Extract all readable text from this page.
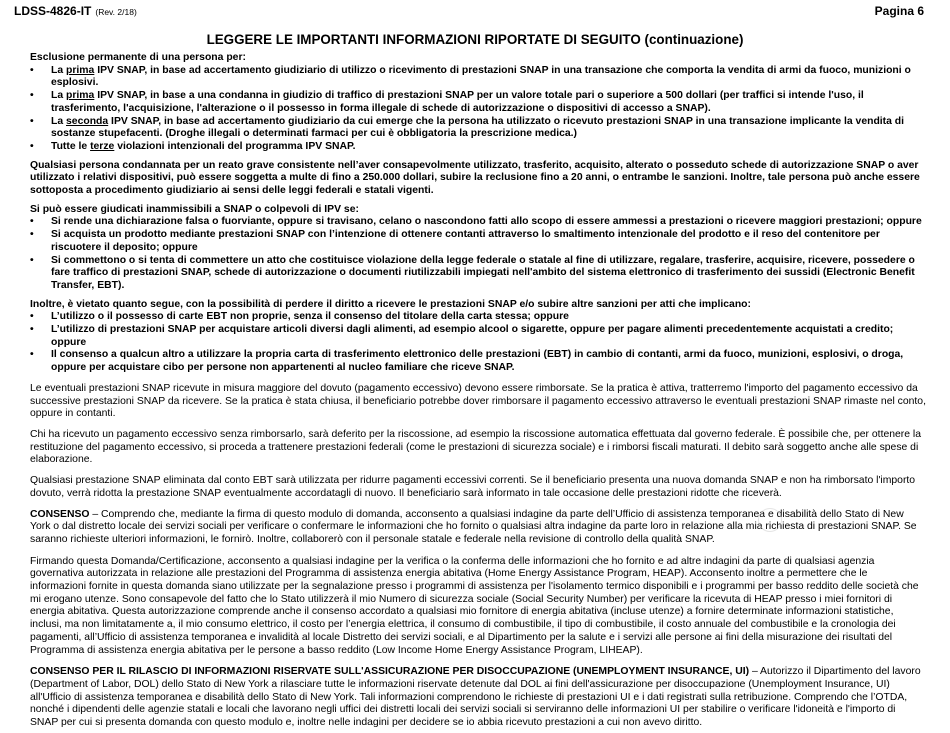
LDSS-4826-IT (Rev. 2/18)	Pagina 6
LEGGERE LE IMPORTANTI INFORMAZIONI RIPORTATE DI SEGUITO (continuazione)

Esclusione permanente di una persona per:

• La prima IPV SNAP, in base ad accertamento giudiziario di utilizzo o ricevimento di prestazioni SNAP in una transazione che comporta la vendita di armi da fuoco, munizioni o esplosivi.
• La prima IPV SNAP, in base a una condanna in giudizio di traffico di prestazioni SNAP per un valore totale pari o superiore a 500 dollari (per traffici si intende l'uso, il trasferimento, l'acquisizione, l'alterazione o il possesso in forma illegale di schede di autorizzazione o dispositivi di accesso a SNAP).
• La seconda IPV SNAP, in base ad accertamento giudiziario da cui emerge che la persona ha utilizzato o ricevuto prestazioni SNAP in una transazione implicante la vendita di sostanze stupefacenti. (Droghe illegali o determinati farmaci per cui è obbligatoria la prescrizione medica.)
• Tutte le terze violazioni intenzionali del programma IPV SNAP.

Qualsiasi persona condannata per un reato grave consistente nell’aver consapevolmente utilizzato, trasferito, acquisito, alterato o posseduto schede di autorizzazione SNAP o aver utilizzato i relativi dispositivi, può essere soggetta a multe di fino a 250.000 dollari, subire la reclusione fino a 20 anni, o entrambe le sanzioni. Inoltre, tale persona può anche essere sottoposta a procedimento giudiziario ai sensi delle leggi federali e statali vigenti.

Si può essere giudicati inammissibili a SNAP o colpevoli di IPV se:

• Si rende una dichiarazione falsa o fuorviante, oppure si travisano, celano o nascondono fatti allo scopo di essere ammessi a prestazioni o ricevere maggiori prestazioni; oppure
• Si acquista un prodotto mediante prestazioni SNAP con l’intenzione di ottenere contanti attraverso lo smaltimento intenzionale del prodotto e il reso del contenitore per riscuotere il deposito; oppure
• Si commettono o si tenta di commettere un atto che costituisce violazione della legge federale o statale al fine di utilizzare, regalare, trasferire, acquisire, ricevere, possedere o fare traffico di prestazioni SNAP, schede di autorizzazione o documenti riutilizzabili impiegati nell'ambito del sistema elettronico di trasferimento dei sussidi (Electronic Benefit Transfer, EBT).

Inoltre, è vietato quanto segue, con la possibilità di perdere il diritto a ricevere le prestazioni SNAP e/o subire altre sanzioni per atti che implicano:

• L’utilizzo o il possesso di carte EBT non proprie, senza il consenso del titolare della carta stessa; oppure
• L’utilizzo di prestazioni SNAP per acquistare articoli diversi dagli alimenti, ad esempio alcool o sigarette, oppure per pagare alimenti precedentemente acquistati a credito; oppure
• Il consenso a qualcun altro a utilizzare la propria carta di trasferimento elettronico delle prestazioni (EBT) in cambio di contanti, armi da fuoco, munizioni, esplosivi, o droga, oppure per acquistare cibo per persone non appartenenti al nucleo familiare che riceve SNAP.

Le eventuali prestazioni SNAP ricevute in misura maggiore del dovuto (pagamento eccessivo) devono essere rimborsate. Se la pratica è attiva, tratterremo l'importo del pagamento eccessivo da successive prestazioni SNAP da ricevere. Se la pratica è stata chiusa, il beneficiario potrebbe dover rimborsare il pagamento eccessivo attraverso le eventuali prestazioni SNAP rimaste nel conto, oppure in contanti.

Chi ha ricevuto un pagamento eccessivo senza rimborsarlo, sarà deferito per la riscossione, ad esempio la riscossione automatica effettuata dal governo federale. È possibile che, per ottenere la restituzione del pagamento eccessivo, si proceda a trattenere prestazioni federali (come le prestazioni di sicurezza sociale) e i rimborsi fiscali maturati. Il debito sarà soggetto anche alle spese di elaborazione.

Qualsiasi prestazione SNAP eliminata dal conto EBT sarà utilizzata per ridurre pagamenti eccessivi correnti. Se il beneficiario presenta una nuova domanda SNAP e non ha rimborsato l'importo dovuto, verrà ridotta la prestazione SNAP eventualmente accordatagli di nuovo. Il beneficiario sarà informato in tale occasione delle prestazioni ridotte che riceverà.

CONSENSO – Comprendo che, mediante la firma di questo modulo di domanda, acconsento a qualsiasi indagine da parte dell’Ufficio di assistenza temporanea e disabilità dello Stato di New York o dal distretto locale dei servizi sociali per verificare o confermare le informazioni che ho fornito o qualsiasi altra indagine da parte loro in relazione alla mia richiesta di prestazioni SNAP. Se saranno richieste ulteriori informazioni, le fornirò. Inoltre, collaborerò con il personale statale e federale nella revisione di controllo della qualità SNAP.

Firmando questa Domanda/Certificazione, acconsento a qualsiasi indagine per la verifica o la conferma delle informazioni che ho fornito e ad altre indagini da parte di qualsiasi agenzia governativa autorizzata in relazione alle prestazioni del Programma di assistenza energia abitativa (Home Energy Assistance Program, HEAP). Acconsento inoltre a permettere che le informazioni fornite in questa domanda siano utilizzate per la segnalazione presso i programmi di assistenza per l'isolamento termico disponibili e i programmi per basso reddito delle società che mi erogano utenze. Sono consapevole del fatto che lo Stato utilizzerà il mio Numero di sicurezza sociale (Social Security Number) per verificare la ricevuta di HEAP presso i miei fornitori di energia abitativa. Questa autorizzazione comprende anche il consenso accordato a qualsiasi mio fornitore di energia abitativa (incluse utenze) a fornire determinate informazioni statistiche, inclusi, ma non limitatamente a, il mio consumo elettrico, il costo per l’energia elettrica, il consumo di combustibile, il tipo di combustibile, il costo annuale del combustibile e la cronologia dei pagamenti, all’Ufficio di assistenza temporanea e invalidità al locale Distretto dei servizi sociali, e al Dipartimento per la salute e i servizi alle persone ai fini della misurazione dei risultati del Programma di assistenza energia abitativa per le persone a basso reddito (Low Income Home Energy Assistance Program, LIHEAP).

CONSENSO PER IL RILASCIO DI INFORMAZIONI RISERVATE SULL'ASSICURAZIONE PER DISOCCUPAZIONE (UNEMPLOYMENT INSURANCE, UI) – Autorizzo il Dipartimento del lavoro (Department of Labor, DOL) dello Stato di New York a rilasciare tutte le informazioni riservate detenute dal DOL ai fini dell'assicurazione per disoccupazione (Unemployment Insurance, UI) all'Ufficio di assistenza temporanea e disabilità dello Stato di New York. Tali informazioni comprendono le richieste di prestazioni UI e i dati registrati sulla retribuzione. Comprendo che l’OTDA, nonché i dipendenti delle agenzie statali e locali che lavorano negli uffici dei distretti locali dei servizi sociali si serviranno delle informazioni UI per stabilire o verificare l'idoneità e l'importo di SNAP per cui si presenta domanda con questo modulo e, inoltre nelle indagini per decidere se io abbia ricevuto prestazioni a cui non avevo diritto.
